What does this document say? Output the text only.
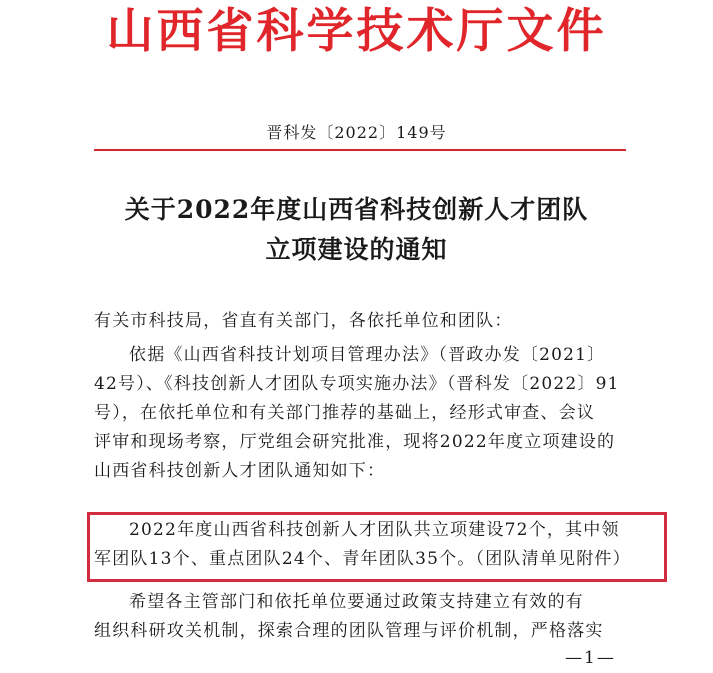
山西省科学技术厅文件
晋科发〔2022〕149号
关于2022年度山西省科技创新人才团队
立项建设的通知
有关市科技局，省直有关部门，各依托单位和团队：
依据《山西省科技计划项目管理办法》（晋政办发〔2021〕
42号）、《科技创新人才团队专项实施办法》（晋科发〔2022〕91
号），在依托单位和有关部门推荐的基础上，经形式审查、会议
评审和现场考察，厅党组会研究批准，现将2022年度立项建设的
山西省科技创新人才团队通知如下：
2022年度山西省科技创新人才团队共立项建设72个，其中领
军团队13个、重点团队24个、青年团队35个。（团队清单见附件）
希望各主管部门和依托单位要通过政策支持建立有效的有
组织科研攻关机制，探索合理的团队管理与评价机制，严格落实
—1—
